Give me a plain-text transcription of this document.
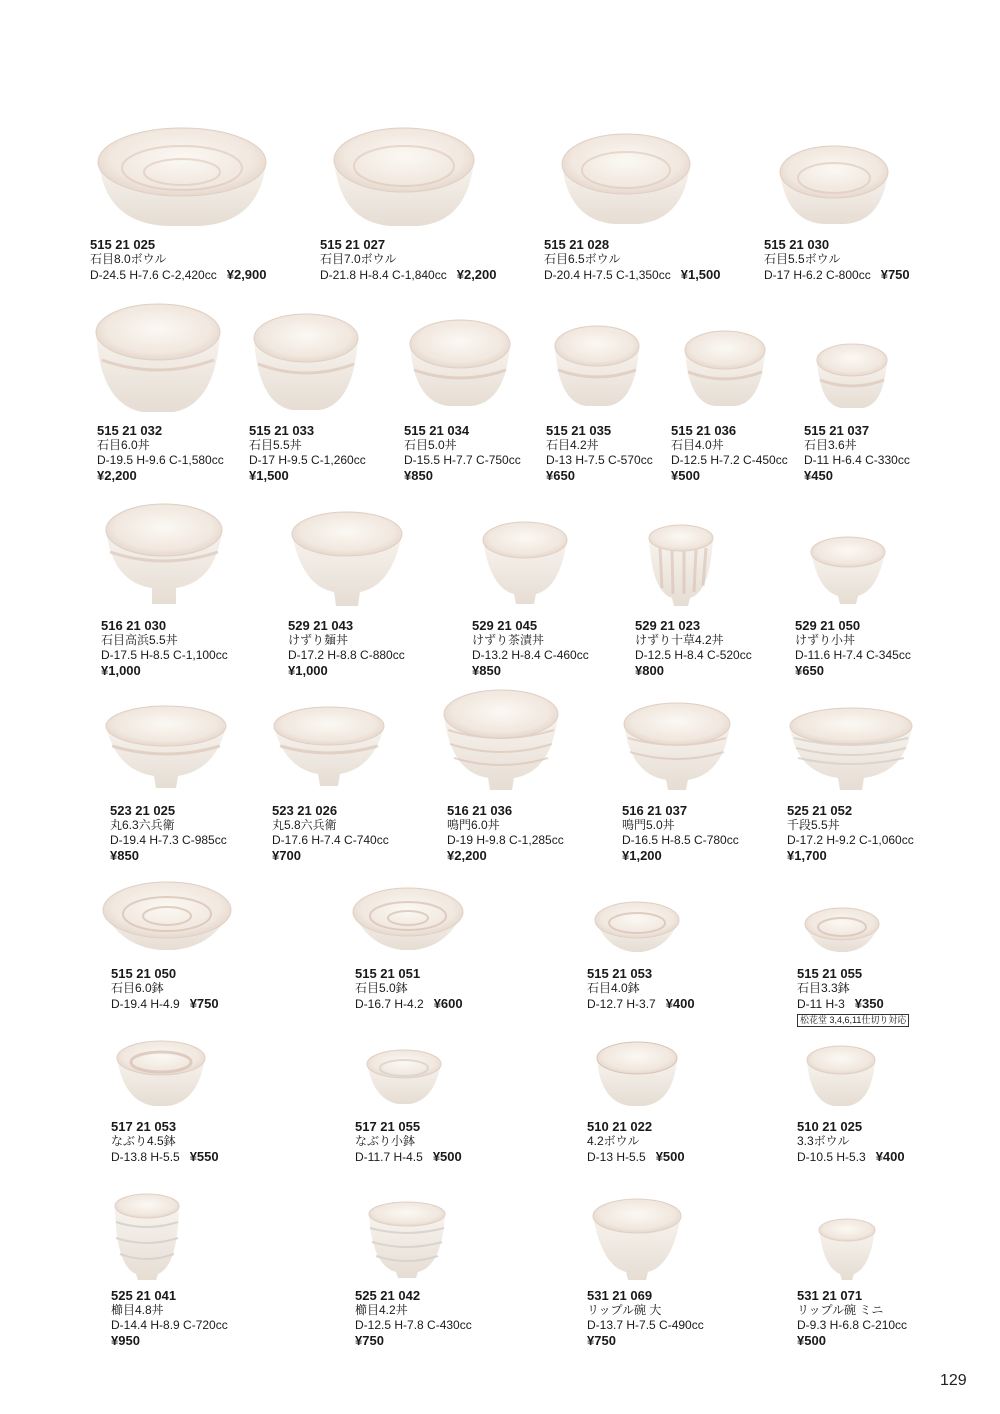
515 21 025
石目8.0ボウル
D-24.5 H-7.6 C-2,420cc ¥2,900
515 21 027
石目7.0ボウル
D-21.8 H-8.4 C-1,840cc ¥2,200
515 21 028
石目6.5ボウル
D-20.4 H-7.5 C-1,350cc ¥1,500
515 21 030
石目5.5ボウル
D-17 H-6.2 C-800cc ¥750
515 21 032
石目6.0丼
D-19.5 H-9.6 C-1,580cc
¥2,200
515 21 033
石目5.5丼
D-17 H-9.5 C-1,260cc
¥1,500
515 21 034
石目5.0丼
D-15.5 H-7.7 C-750cc
¥850
515 21 035
石目4.2丼
D-13 H-7.5 C-570cc
¥650
515 21 036
石目4.0丼
D-12.5 H-7.2 C-450cc
¥500
515 21 037
石目3.6丼
D-11 H-6.4 C-330cc
¥450
516 21 030
石目高浜5.5丼
D-17.5 H-8.5 C-1,100cc
¥1,000
529 21 043
けずり麺丼
D-17.2 H-8.8 C-880cc
¥1,000
529 21 045
けずり茶漬丼
D-13.2 H-8.4 C-460cc
¥850
529 21 023
けずり十草4.2丼
D-12.5 H-8.4 C-520cc
¥800
529 21 050
けずり小丼
D-11.6 H-7.4 C-345cc
¥650
523 21 025
丸6.3六兵衛
D-19.4 H-7.3 C-985cc
¥850
523 21 026
丸5.8六兵衛
D-17.6 H-7.4 C-740cc
¥700
516 21 036
鳴門6.0丼
D-19 H-9.8 C-1,285cc
¥2,200
516 21 037
鳴門5.0丼
D-16.5 H-8.5 C-780cc
¥1,200
525 21 052
千段5.5丼
D-17.2 H-9.2 C-1,060cc
¥1,700
515 21 050
石目6.0鉢
D-19.4 H-4.9 ¥750
515 21 051
石目5.0鉢
D-16.7 H-4.2 ¥600
515 21 053
石目4.0鉢
D-12.7 H-3.7 ¥400
515 21 055
石目3.3鉢
D-11 H-3 ¥350
松花堂 3,4,6,11仕切り対応
517 21 053
なぶり4.5鉢
D-13.8 H-5.5 ¥550
517 21 055
なぶり小鉢
D-11.7 H-4.5 ¥500
510 21 022
4.2ボウル
D-13 H-5.5 ¥500
510 21 025
3.3ボウル
D-10.5 H-5.3 ¥400
525 21 041
櫛目4.8丼
D-14.4 H-8.9 C-720cc
¥950
525 21 042
櫛目4.2丼
D-12.5 H-7.8 C-430cc
¥750
531 21 069
リップル碗 大
D-13.7 H-7.5 C-490cc
¥750
531 21 071
リップル碗 ミニ
D-9.3 H-6.8 C-210cc
¥500
129
